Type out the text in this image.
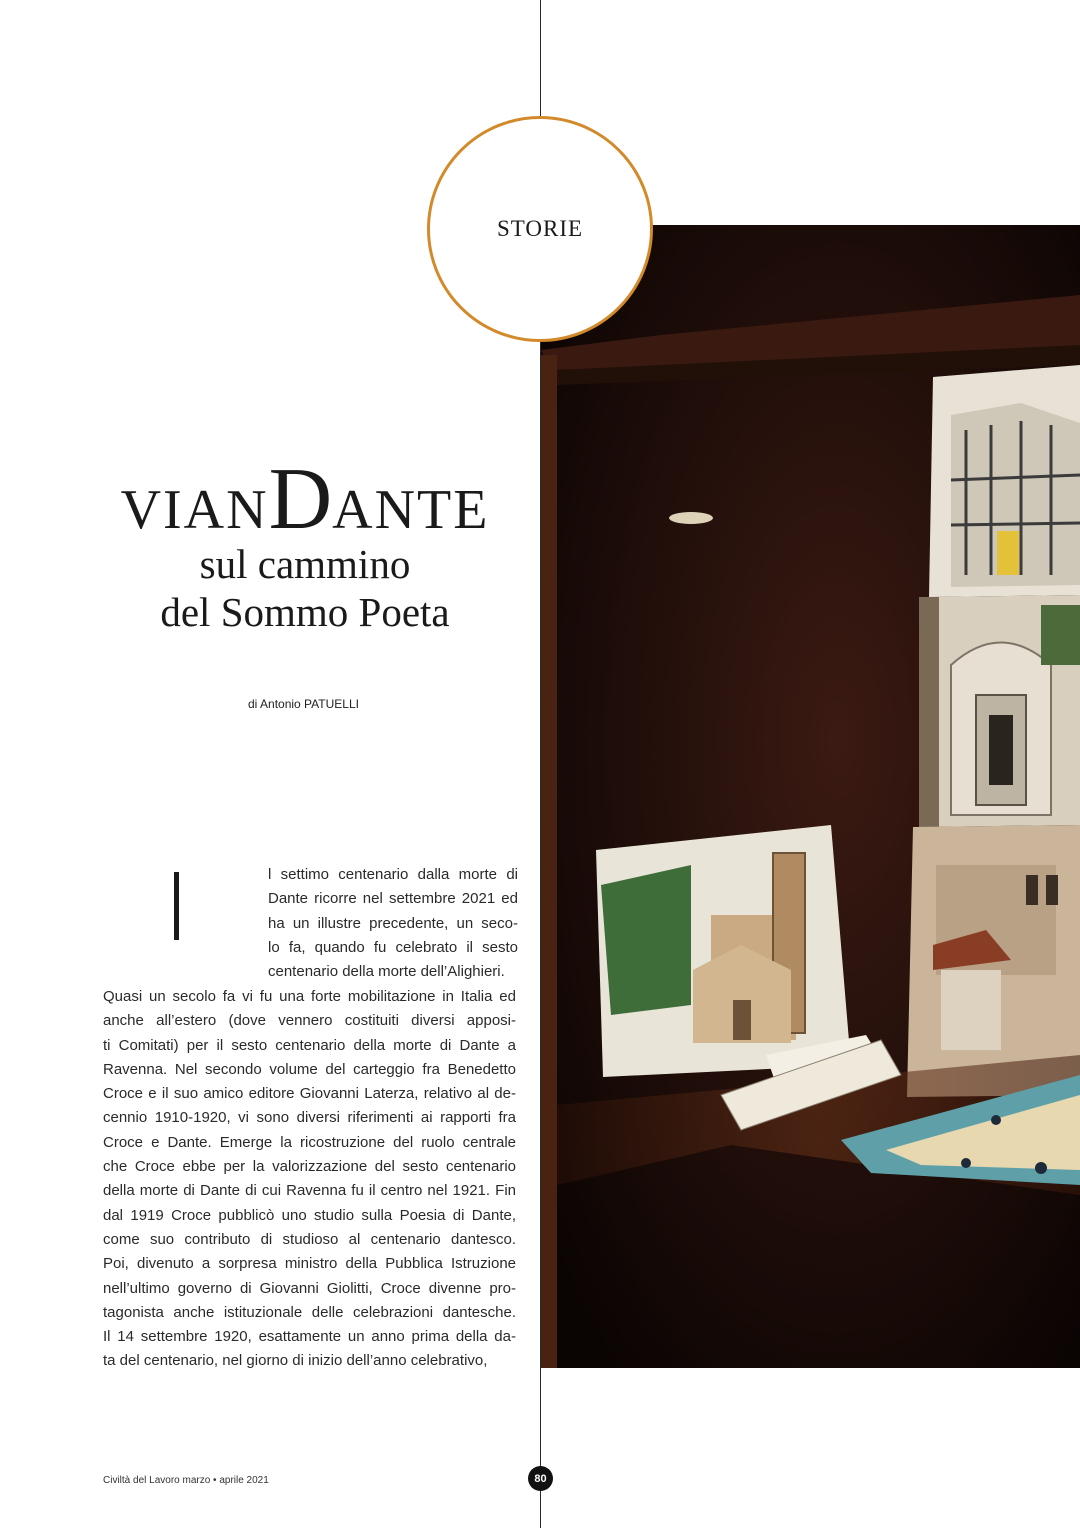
STORIE
VIANDANTE
sul cammino
del Sommo Poeta
di Antonio PATUELLI
l settimo centenario dalla morte di
Dante ricorre nel settembre 2021 ed
ha un illustre precedente, un seco-
lo fa, quando fu celebrato il sesto
centenario della morte dell’Alighieri.
Quasi un secolo fa vi fu una forte mobilitazione in Italia ed
anche all’estero (dove vennero costituiti diversi apposi-
ti Comitati) per il sesto centenario della morte di Dante a
Ravenna. Nel secondo volume del carteggio fra Benedetto
Croce e il suo amico editore Giovanni Laterza, relativo al de-
cennio 1910-1920, vi sono diversi riferimenti ai rapporti fra
Croce e Dante. Emerge la ricostruzione del ruolo centrale
che Croce ebbe per la valorizzazione del sesto centenario
della morte di Dante di cui Ravenna fu il centro nel 1921. Fin
dal 1919 Croce pubblicò uno studio sulla Poesia di Dante,
come suo contributo di studioso al centenario dantesco.
Poi, divenuto a sorpresa ministro della Pubblica Istruzione
nell’ultimo governo di Giovanni Giolitti, Croce divenne pro-
tagonista anche istituzionale delle celebrazioni dantesche.
Il 14 settembre 1920, esattamente un anno prima della da-
ta del centenario, nel giorno di inizio dell’anno celebrativo,
Civiltà del Lavoro marzo • aprile 2021	80
